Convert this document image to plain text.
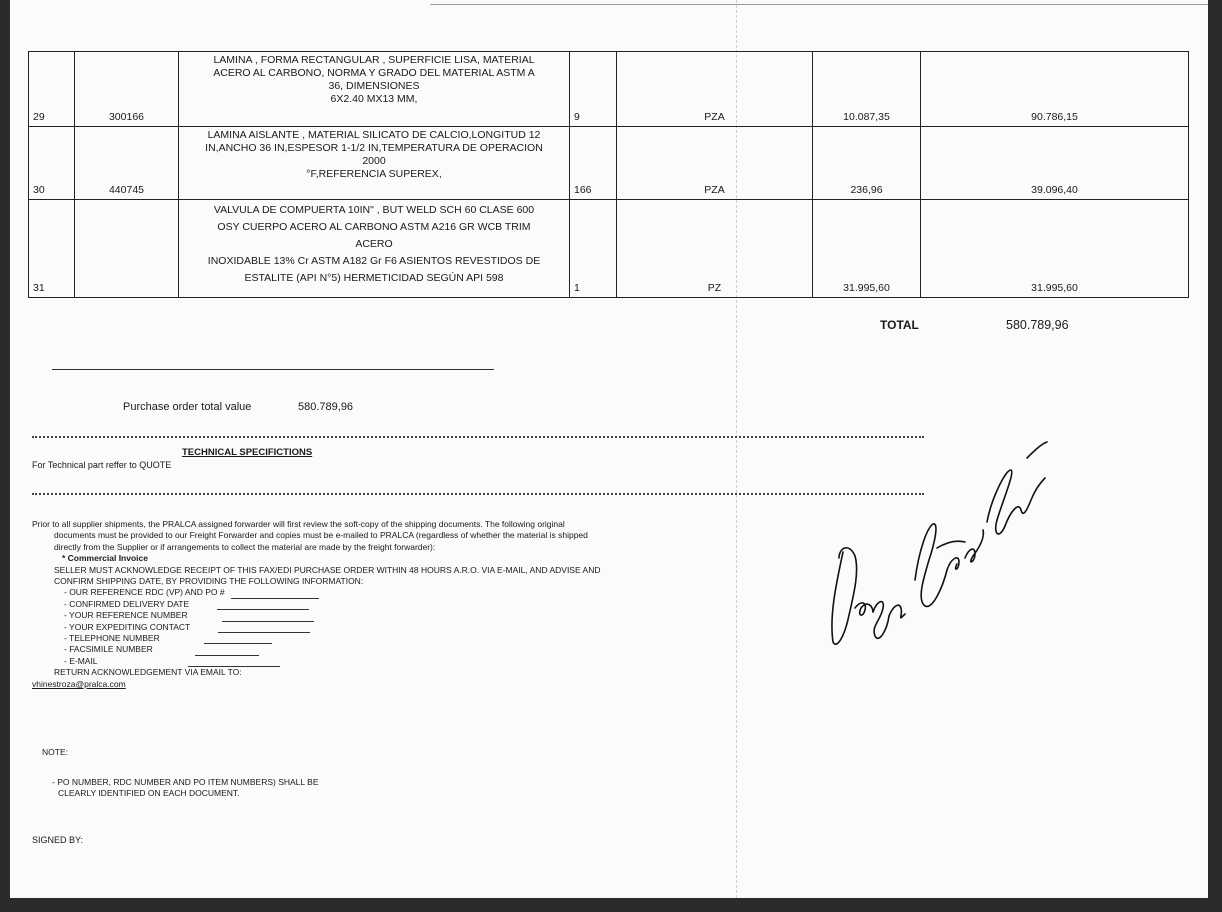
29	300166	LAMINA , FORMA RECTANGULAR , SUPERFICIE LISA, MATERIAL
ACERO AL CARBONO, NORMA Y GRADO DEL MATERIAL ASTM A
36, DIMENSIONES
6X2.40 MX13 MM,	9	PZA	10.087,35	90.786,15
30	440745	LAMINA AISLANTE , MATERIAL SILICATO DE CALCIO,LONGITUD 12
IN,ANCHO 36 IN,ESPESOR 1-1/2 IN,TEMPERATURA DE OPERACION
2000
°F,REFERENCIA SUPEREX,	166	PZA	236,96	39.096,40
31		VALVULA DE COMPUERTA 10IN" , BUT WELD SCH 60 CLASE 600
OSY CUERPO ACERO AL CARBONO ASTM A216 GR WCB TRIM
ACERO
INOXIDABLE 13% Cr ASTM A182 Gr F6 ASIENTOS REVESTIDOS DE
ESTALITE (API N°5) HERMETICIDAD SEGÚN API 598	1	PZ	31.995,60	31.995,60
TOTAL	580.789,96
Purchase order total value	580.789,96
TECHNICAL SPECIFICTIONS
For Technical part reffer to QUOTE
Prior to all supplier shipments, the PRALCA assigned forwarder will first review the soft-copy of the shipping documents. The following original
documents must be provided to our Freight Forwarder and copies must be e-mailed to PRALCA (regardless of whether the material is shipped
directly from the Supplier or if arrangements to collect the material are made by the freight forwarder):
* Commercial Invoice
SELLER MUST ACKNOWLEDGE RECEIPT OF THIS FAX/EDI PURCHASE ORDER WITHIN 48 HOURS A.R.O. VIA E-MAIL, AND ADVISE AND
CONFIRM SHIPPING DATE, BY PROVIDING THE FOLLOWING INFORMATION:
- OUR REFERENCE RDC (VP) AND PO #
- CONFIRMED DELIVERY DATE
- YOUR REFERENCE NUMBER
- YOUR EXPEDITING CONTACT
- TELEPHONE NUMBER
- FACSIMILE NUMBER
- E-MAIL
RETURN ACKNOWLEDGEMENT VIA EMAIL TO:
vhinestroza@pralca.com
NOTE:
- PO NUMBER, RDC NUMBER AND PO ITEM NUMBERS) SHALL BE
CLEARLY IDENTIFIED ON EACH DOCUMENT.
SIGNED BY:
